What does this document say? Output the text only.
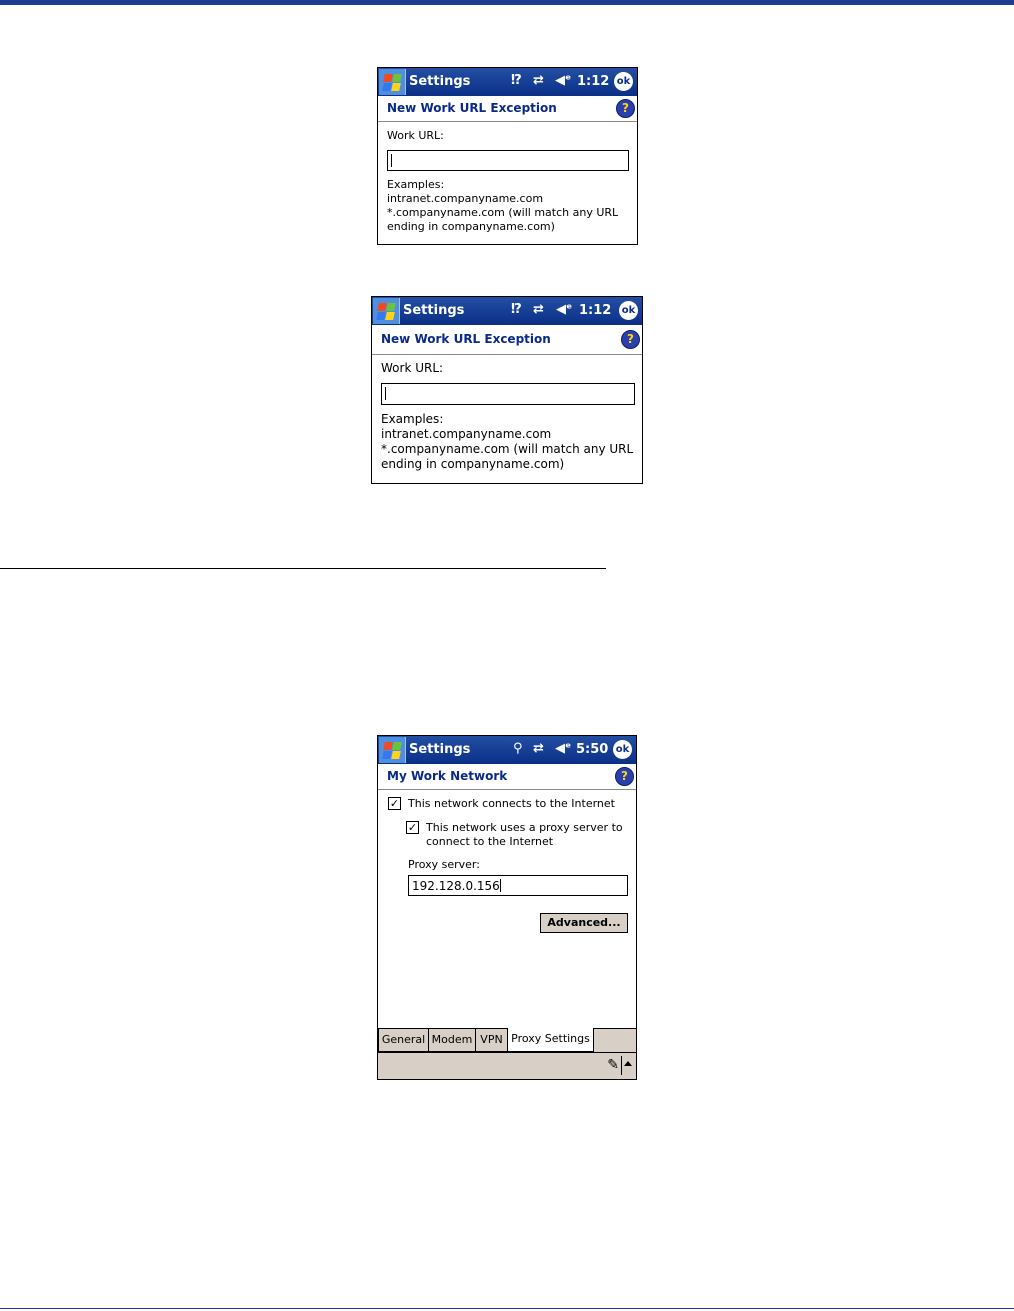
Settings	⁉ ⇄ ◀ᵉ 1:12 ok
New Work URL Exception	?
Work URL:
Examples:
intranet.companyname.com
*.companyname.com (will match any URL
ending in companyname.com)
Settings	⁉ ⇄ ◀ᵉ 1:12 ok
New Work URL Exception	?
Work URL:
Examples:
intranet.companyname.com
*.companyname.com (will match any URL
ending in companyname.com)
Settings	⚲ ⇄ ◀ᵉ 5:50 ok
My Work Network	?
✓ This network connects to the Internet
✓ This network uses a proxy server to
connect to the Internet
Proxy server:
192.128.0.156
Advanced...
General Modem VPN Proxy Settings
✎
